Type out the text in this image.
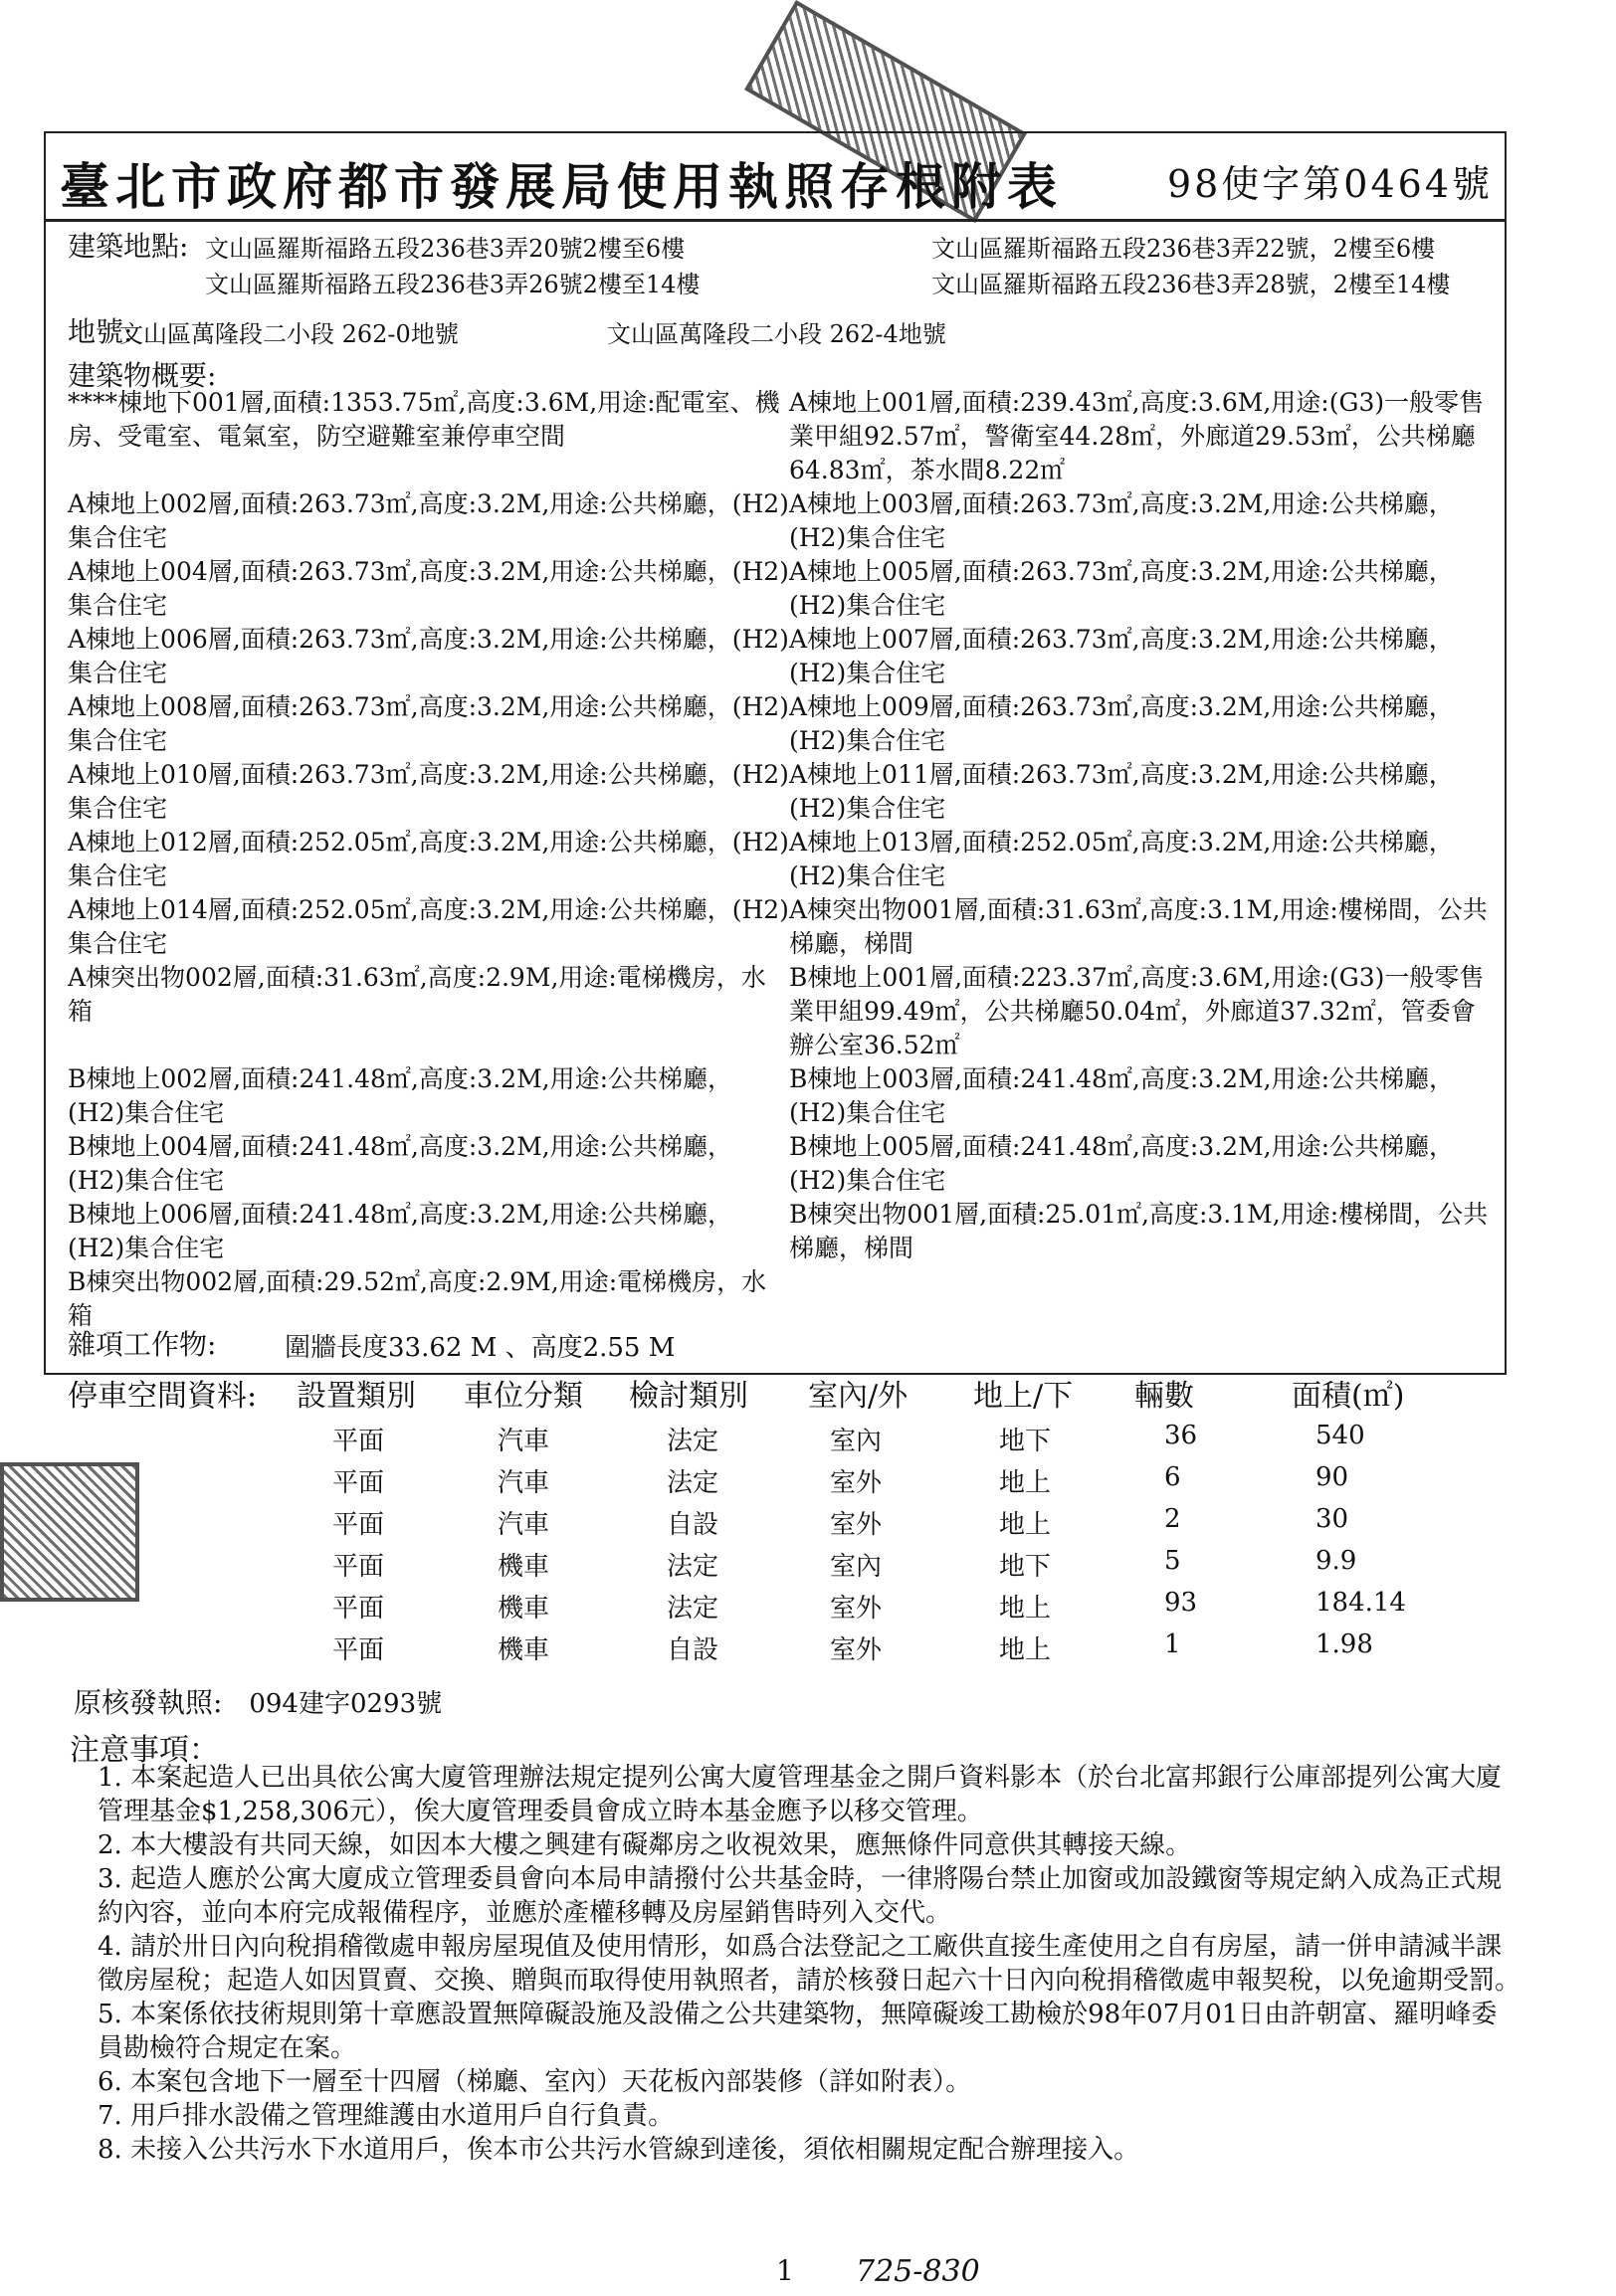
臺北市政府都市發展局使用執照存根附表	98使字第0464號
建築地點: 文山區羅斯福路五段236巷3弄20號2樓至6樓	文山區羅斯福路五段236巷3弄22號，2樓至6樓
文山區羅斯福路五段236巷3弄26號2樓至14樓	文山區羅斯福路五段236巷3弄28號，2樓至14樓
地號:
文山區萬隆段二小段 262-0地號	文山區萬隆段二小段 262-4地號
建築物概要:
****棟地下001層,面積:1353.75㎡,高度:3.6M,用途:配電室、機房、受電室、電氣室，防空避難室兼停車空間
A棟地上001層,面積:239.43㎡,高度:3.6M,用途:(G3)一般零售業甲組92.57㎡，警衛室44.28㎡，外廊道29.53㎡，公共梯廳64.83㎡，茶水間8.22㎡
A棟地上002層,面積:263.73㎡,高度:3.2M,用途:公共梯廳，(H2)集合住宅
A棟地上003層,面積:263.73㎡,高度:3.2M,用途:公共梯廳，(H2)集合住宅
A棟地上004層,面積:263.73㎡,高度:3.2M,用途:公共梯廳，(H2)集合住宅
A棟地上005層,面積:263.73㎡,高度:3.2M,用途:公共梯廳，(H2)集合住宅
A棟地上006層,面積:263.73㎡,高度:3.2M,用途:公共梯廳，(H2)集合住宅
A棟地上007層,面積:263.73㎡,高度:3.2M,用途:公共梯廳，(H2)集合住宅
A棟地上008層,面積:263.73㎡,高度:3.2M,用途:公共梯廳，(H2)集合住宅
A棟地上009層,面積:263.73㎡,高度:3.2M,用途:公共梯廳，(H2)集合住宅
A棟地上010層,面積:263.73㎡,高度:3.2M,用途:公共梯廳，(H2)集合住宅
A棟地上011層,面積:263.73㎡,高度:3.2M,用途:公共梯廳，(H2)集合住宅
A棟地上012層,面積:252.05㎡,高度:3.2M,用途:公共梯廳，(H2)集合住宅
A棟地上013層,面積:252.05㎡,高度:3.2M,用途:公共梯廳，(H2)集合住宅
A棟地上014層,面積:252.05㎡,高度:3.2M,用途:公共梯廳，(H2)集合住宅
A棟突出物001層,面積:31.63㎡,高度:3.1M,用途:樓梯間，公共梯廳，梯間
A棟突出物002層,面積:31.63㎡,高度:2.9M,用途:電梯機房，水箱
B棟地上001層,面積:223.37㎡,高度:3.6M,用途:(G3)一般零售業甲組99.49㎡，公共梯廳50.04㎡，外廊道37.32㎡，管委會辦公室36.52㎡
B棟地上002層,面積:241.48㎡,高度:3.2M,用途:公共梯廳，(H2)集合住宅
B棟地上003層,面積:241.48㎡,高度:3.2M,用途:公共梯廳，(H2)集合住宅
B棟地上004層,面積:241.48㎡,高度:3.2M,用途:公共梯廳，(H2)集合住宅
B棟地上005層,面積:241.48㎡,高度:3.2M,用途:公共梯廳，(H2)集合住宅
B棟地上006層,面積:241.48㎡,高度:3.2M,用途:公共梯廳，(H2)集合住宅
B棟突出物001層,面積:25.01㎡,高度:3.1M,用途:樓梯間，公共梯廳，梯間
B棟突出物002層,面積:29.52㎡,高度:2.9M,用途:電梯機房，水箱
雜項工作物:	圍牆長度33.62 M 、高度2.55 M
停車空間資料: 設置類別 車位分類 檢討類別 室內/外 地上/下 輛數	面積(㎡)
平面	汽車	法定	室內	地下	36	540
平面	汽車	法定	室外	地上	6	90
平面	汽車	自設	室外	地上	2	30
平面	機車	法定	室內	地下	5	9.9
平面	機車	法定	室外	地上	93	184.14
平面	機車	自設	室外	地上	1	1.98
原核發執照: 094建字0293號
注意事項：
1. 本案起造人已出具依公寓大廈管理辦法規定提列公寓大廈管理基金之開戶資料影本（於台北富邦銀行公庫部提列公寓大廈管理基金$1,258,306元），俟大廈管理委員會成立時本基金應予以移交管理。
2. 本大樓設有共同天線，如因本大樓之興建有礙鄰房之收視效果，應無條件同意供其轉接天線。
3. 起造人應於公寓大廈成立管理委員會向本局申請撥付公共基金時，一律將陽台禁止加窗或加設鐵窗等規定納入成為正式規約內容，並向本府完成報備程序，並應於產權移轉及房屋銷售時列入交代。
4. 請於卅日內向稅捐稽徵處申報房屋現值及使用情形，如爲合法登記之工廠供直接生產使用之自有房屋，請一併申請減半課徵房屋稅；起造人如因買賣、交換、贈與而取得使用執照者，請於核發日起六十日內向稅捐稽徵處申報契稅，以免逾期受罰。
5. 本案係依技術規則第十章應設置無障礙設施及設備之公共建築物，無障礙竣工勘檢於98年07月01日由許朝富、羅明峰委員勘檢符合規定在案。
6. 本案包含地下一層至十四層（梯廳、室內）天花板內部裝修（詳如附表）。
7. 用戶排水設備之管理維護由水道用戶自行負責。
8. 未接入公共污水下水道用戶，俟本市公共污水管線到達後，須依相關規定配合辦理接入。
1 725-830
